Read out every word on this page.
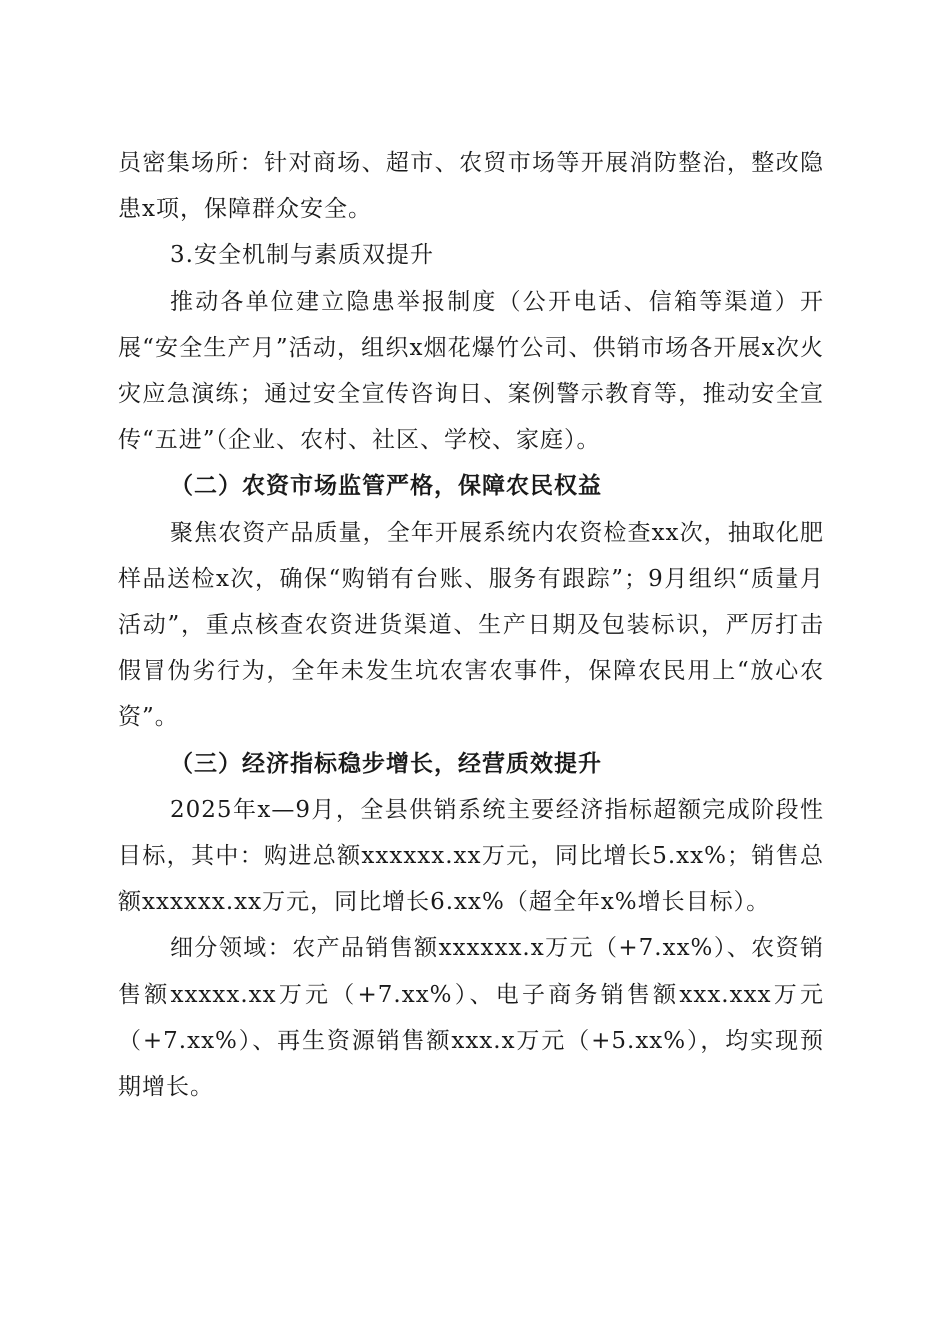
员密集场所：针对商场、超市、农贸市场等开展消防整治，整改隐患x项，保障群众安全。

3.安全机制与素质双提升

推动各单位建立隐患举报制度（公开电话、信箱等渠道）开展“安全生产月”活动，组织x烟花爆竹公司、供销市场各开展x次火灾应急演练；通过安全宣传咨询日、案例警示教育等，推动安全宣传“五进”（企业、农村、社区、学校、家庭）。

（二）农资市场监管严格，保障农民权益

聚焦农资产品质量，全年开展系统内农资检查xx次，抽取化肥样品送检x次，确保“购销有台账、服务有跟踪”；9月组织“质量月活动”，重点核查农资进货渠道、生产日期及包装标识，严厉打击假冒伪劣行为，全年未发生坑农害农事件，保障农民用上“放心农资”。

（三）经济指标稳步增长，经营质效提升

2025年x—9月，全县供销系统主要经济指标超额完成阶段性目标，其中：购进总额xxxxxx.xx万元，同比增长5.xx%；销售总额xxxxxx.xx万元，同比增长6.xx%（超全年x%增长目标）。

细分领域：农产品销售额xxxxxx.x万元（+7.xx%）、农资销售额xxxxx.xx万元（+7.xx%）、电子商务销售额xxx.xxx万元（+7.xx%）、再生资源销售额xxx.x万元（+5.xx%），均实现预期增长。
